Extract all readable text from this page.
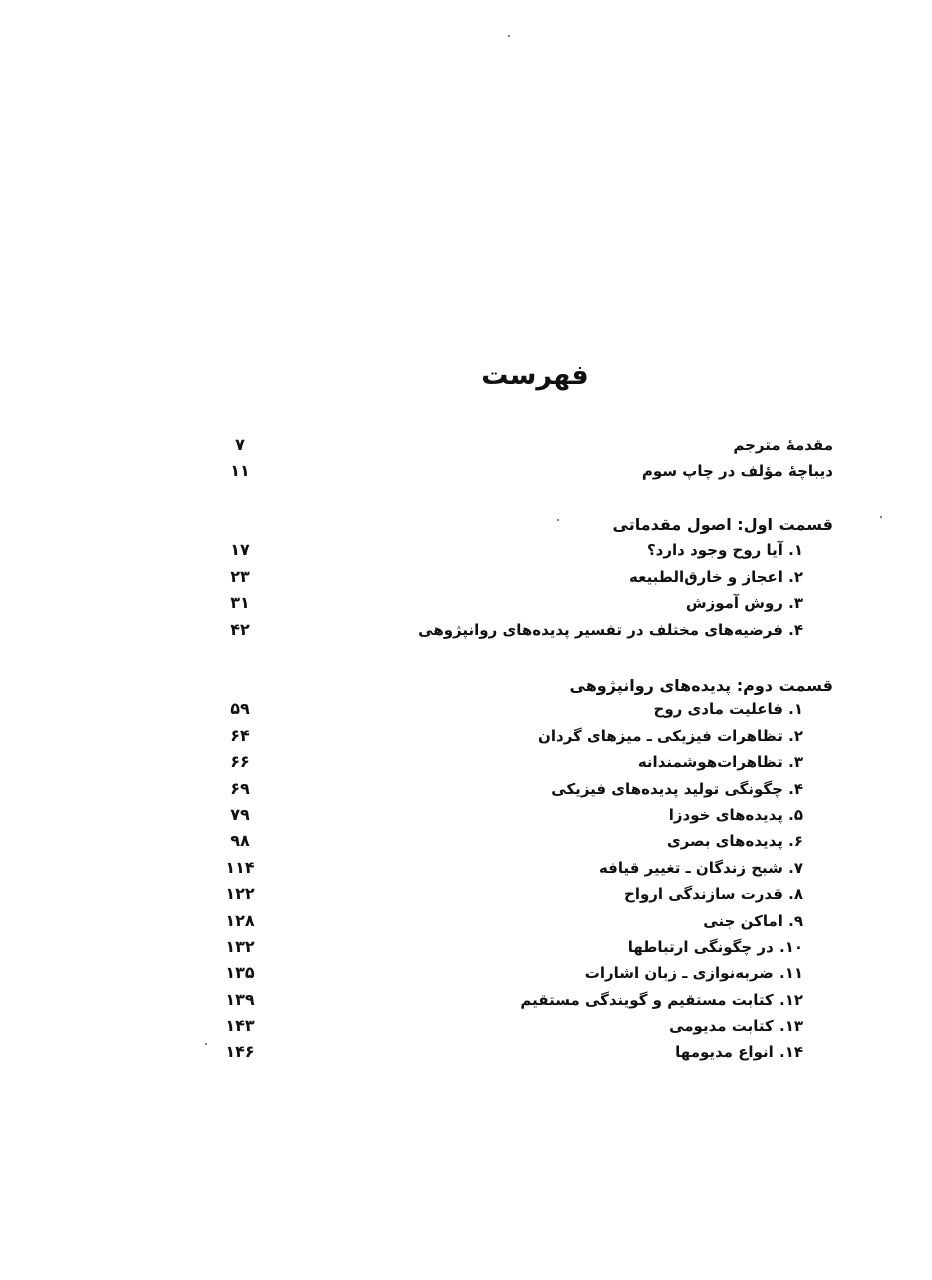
فهرست
مقدمهٔ مترجم
۷
دیباچهٔ مؤلف در چاپ سوم
۱۱
قسمت اول: اصول مقدماتی
۱. آیا روح وجود دارد؟
۱۷
۲. اعجاز و خارق‌الطبیعه
۲۳
۳. روش آموزش
۳۱
۴. فرضیه‌های مختلف در تفسیر پدیده‌های روانپژوهی
۴۲
قسمت دوم: پدیده‌های روانپژوهی
۱. فاعلیت مادی روح
۵۹
۲. تظاهرات فیزیکی ـ میزهای گردان
۶۴
۳. تظاهرات‌هوشمندانه
۶۶
۴. چگونگی تولید پدیده‌های فیزیکی
۶۹
۵. پدیده‌های خودزا
۷۹
۶. پدیده‌های بصری
۹۸
۷. شبح زندگان ـ تغییر قیافه
۱۱۴
۸. قدرت سازندگی ارواح
۱۲۲
۹. اماکن جنی
۱۲۸
۱۰. در چگونگی ارتباطها
۱۳۲
۱۱. ضربه‌نوازی ـ زبان اشارات
۱۳۵
۱۲. کتابت مستقیم و گویندگی مستقیم
۱۳۹
۱۳. کتابت مدیومی
۱۴۳
۱۴. انواع مدیومها
۱۴۶
